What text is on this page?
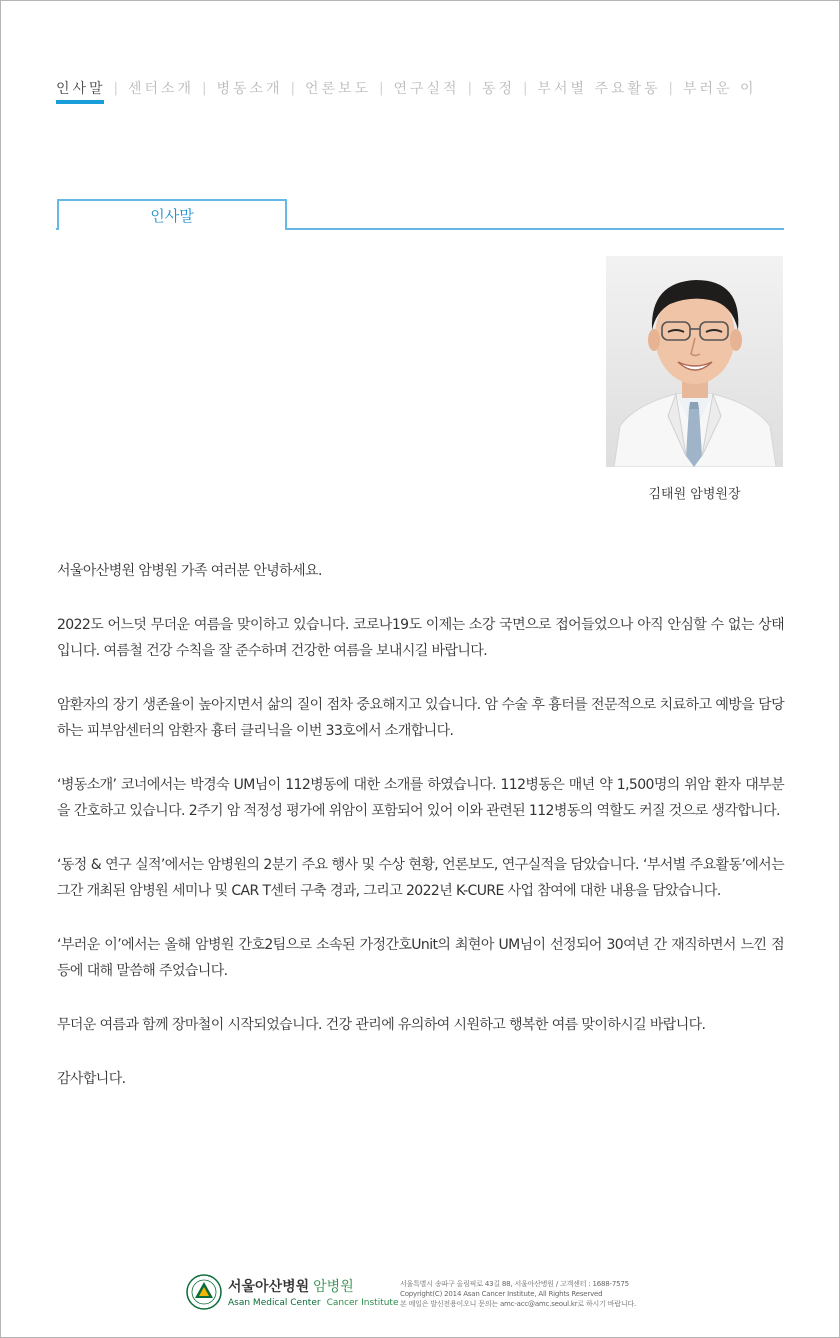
인사말 | 센터소개 | 병동소개 | 언론보도 | 연구실적 | 동정 | 부서별 주요활동 | 부러운 이
인사말
김태원 암병원장

서울아산병원 암병원 가족 여러분 안녕하세요.

2022도 어느덧 무더운 여름을 맞이하고 있습니다. 코로나19도 이제는 소강 국면으로 접어들었으나 아직 안심할 수 없는 상태입니다. 여름철 건강 수칙을 잘 준수하며 건강한 여름을 보내시길 바랍니다.

암환자의 장기 생존율이 높아지면서 삶의 질이 점차 중요해지고 있습니다. 암 수술 후 흉터를 전문적으로 치료하고 예방을 담당하는 피부암센터의 암환자 흉터 클리닉을 이번 33호에서 소개합니다.

‘병동소개’ 코너에서는 박경숙 UM님이 112병동에 대한 소개를 하였습니다. 112병동은 매년 약 1,500명의 위암 환자 대부분을 간호하고 있습니다. 2주기 암 적정성 평가에 위암이 포함되어 있어 이와 관련된 112병동의 역할도 커질 것으로 생각합니다.

‘동정 & 연구 실적’에서는 암병원의 2분기 주요 행사 및 수상 현황, 언론보도, 연구실적을 담았습니다. ‘부서별 주요활동’에서는 그간 개최된 암병원 세미나 및 CAR T센터 구축 경과, 그리고 2022년 K-CURE 사업 참여에 대한 내용을 담았습니다.

‘부러운 이’에서는 올해 암병원 간호2팀으로 소속된 가정간호Unit의 최현아 UM님이 선정되어 30여년 간 재직하면서 느낀 점 등에 대해 말씀해 주었습니다.

무더운 여름과 함께 장마철이 시작되었습니다. 건강 관리에 유의하여 시원하고 행복한 여름 맞이하시길 바랍니다.

감사합니다.

서울아산병원 암병원
Asan Medical Center Cancer Institute
서울특별시 송파구 올림픽로 43길 88, 서울아산병원 / 고객센터 : 1688-7575
Copyright(C) 2014 Asan Cancer Institute, All Rights Reserved
본 메일은 발신전용이오니 문의는 amc-acc@amc.seoul.kr로 하시기 바랍니다.
